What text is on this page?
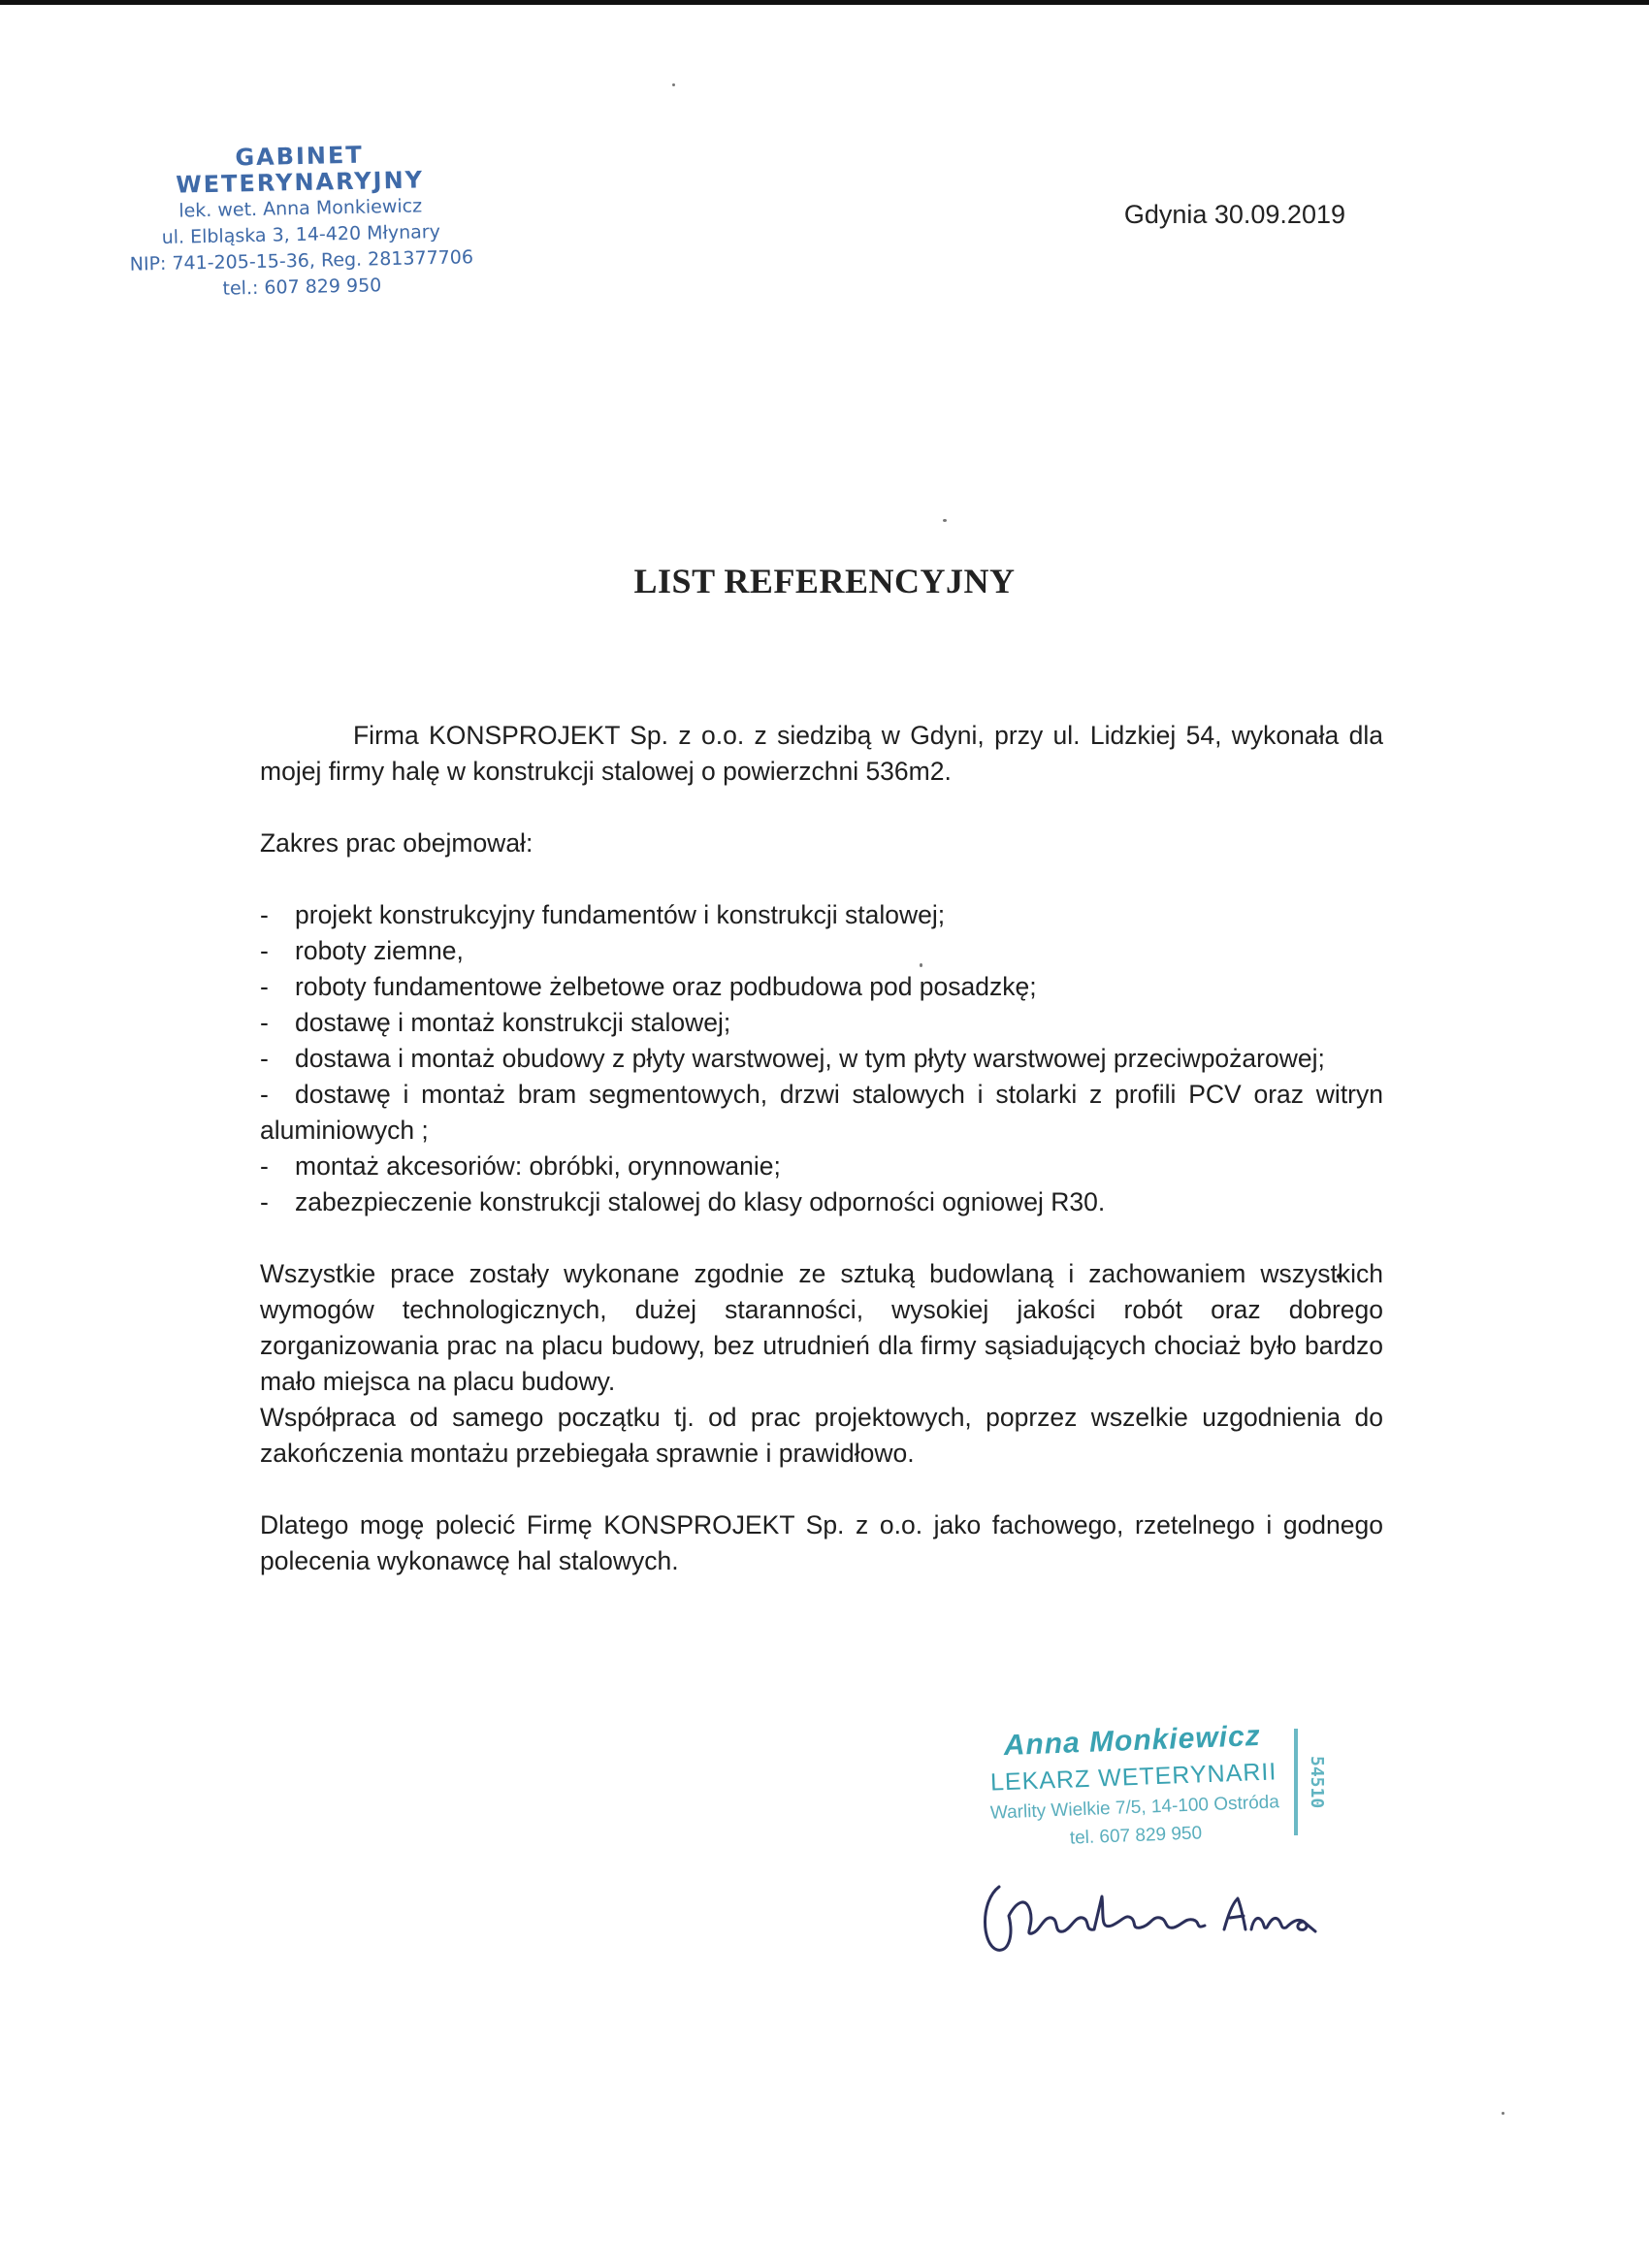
GABINET WETERYNARYJNY
lek. wet. Anna Monkiewicz
ul. Elbląska 3, 14-420 Młynary
NIP: 741-205-15-36, Reg. 281377706
tel.: 607 829 950
Gdynia 30.09.2019
LIST REFERENCYJNY

Firma KONSPROJEKT Sp. z o.o. z siedzibą w Gdyni, przy ul. Lidzkiej 54, wykonała dla mojej firmy halę w konstrukcji stalowej o powierzchni 536m2.

Zakres prac obejmował:

- projekt konstrukcyjny fundamentów i konstrukcji stalowej;
- roboty ziemne,
- roboty fundamentowe żelbetowe oraz podbudowa pod posadzkę;
- dostawę i montaż konstrukcji stalowej;
- dostawa i montaż obudowy z płyty warstwowej, w tym płyty warstwowej przeciwpożarowej;
- dostawę i montaż bram segmentowych, drzwi stalowych i stolarki z profili PCV oraz witryn aluminiowych ;
- montaż akcesoriów: obróbki, orynnowanie;
- zabezpieczenie konstrukcji stalowej do klasy odporności ogniowej R30.

Wszystkie prace zostały wykonane zgodnie ze sztuką budowlaną i zachowaniem wszystkich wymogów technologicznych, dużej staranności, wysokiej jakości robót oraz dobrego zorganizowania prac na placu budowy, bez utrudnień dla firmy sąsiadujących chociaż było bardzo mało miejsca na placu budowy.

Współpraca od samego początku tj. od prac projektowych, poprzez wszelkie uzgodnienia do zakończenia montażu przebiegała sprawnie i prawidłowo.

Dlatego mogę polecić Firmę KONSPROJEKT Sp. z o.o. jako fachowego, rzetelnego i godnego polecenia wykonawcę hal stalowych.

Anna Monkiewicz
LEKARZ WETERYNARII
Warlity Wielkie 7/5, 14-100 Ostróda
tel. 607 829 950
54510
